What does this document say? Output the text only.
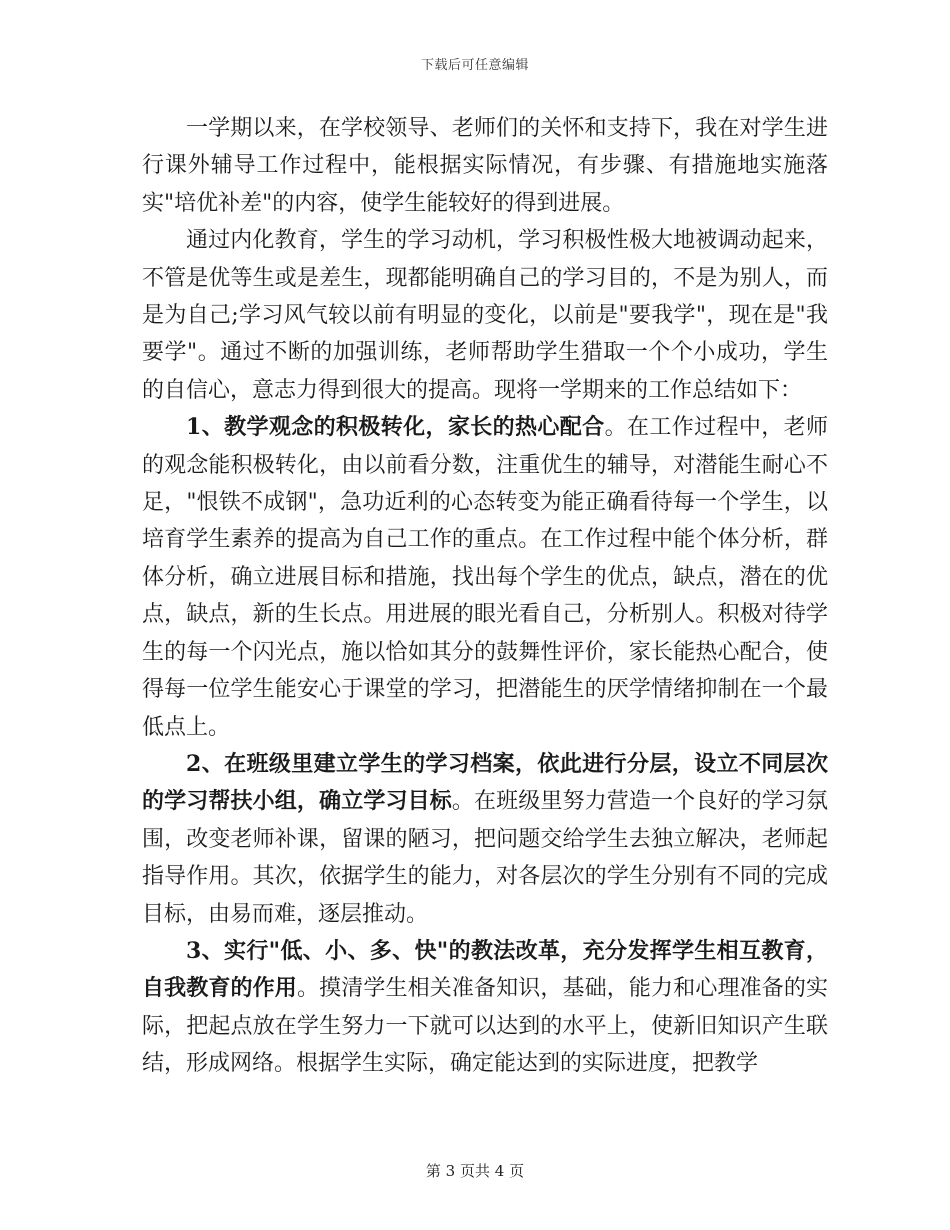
下载后可任意编辑

一学期以来，在学校领导、老师们的关怀和支持下，我在对学生进行课外辅导工作过程中，能根据实际情况，有步骤、有措施地实施落实"培优补差"的内容，使学生能较好的得到进展。

通过内化教育，学生的学习动机，学习积极性极大地被调动起来，不管是优等生或是差生，现都能明确自己的学习目的，不是为别人，而是为自己;学习风气较以前有明显的变化，以前是"要我学"，现在是"我要学"。通过不断的加强训练，老师帮助学生猎取一个个小成功，学生的自信心，意志力得到很大的提高。现将一学期来的工作总结如下：

1、教学观念的积极转化，家长的热心配合。在工作过程中，老师的观念能积极转化，由以前看分数，注重优生的辅导，对潜能生耐心不足，"恨铁不成钢"，急功近利的心态转变为能正确看待每一个学生，以培育学生素养的提高为自己工作的重点。在工作过程中能个体分析，群体分析，确立进展目标和措施，找出每个学生的优点，缺点，潜在的优点，缺点，新的生长点。用进展的眼光看自己，分析别人。积极对待学生的每一个闪光点，施以恰如其分的鼓舞性评价，家长能热心配合，使得每一位学生能安心于课堂的学习，把潜能生的厌学情绪抑制在一个最低点上。

2、在班级里建立学生的学习档案，依此进行分层，设立不同层次的学习帮扶小组，确立学习目标。在班级里努力营造一个良好的学习氛围，改变老师补课，留课的陋习，把问题交给学生去独立解决，老师起指导作用。其次，依据学生的能力，对各层次的学生分别有不同的完成目标，由易而难，逐层推动。

3、实行"低、小、多、快"的教法改革，充分发挥学生相互教育，自我教育的作用。摸清学生相关准备知识，基础，能力和心理准备的实际，把起点放在学生努力一下就可以达到的水平上，使新旧知识产生联结，形成网络。根据学生实际，确定能达到的实际进度，把教学

第 3 页共 4 页
